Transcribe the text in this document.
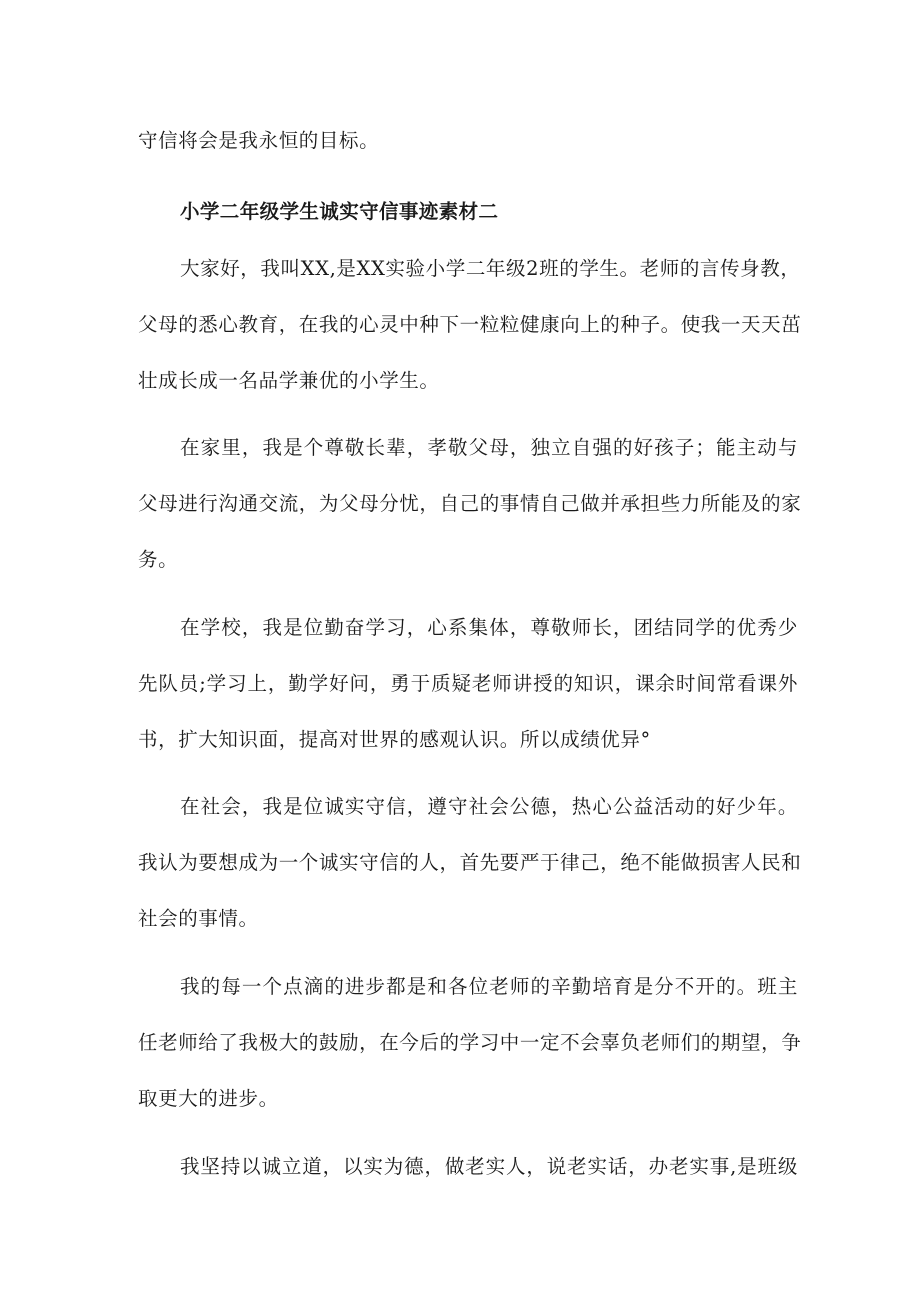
守信将会是我永恒的目标。
小学二年级学生诚实守信事迹素材二
大家好，我叫XX,是XX实验小学二年级2班的学生。老师的言传身教，
父母的悉心教育，在我的心灵中种下一粒粒健康向上的种子。使我一天天茁
壮成长成一名品学兼优的小学生。
在家里，我是个尊敬长辈，孝敬父母，独立自强的好孩子；能主动与
父母进行沟通交流，为父母分忧，自己的事情自己做并承担些力所能及的家
务。
在学校，我是位勤奋学习，心系集体，尊敬师长，团结同学的优秀少
先队员;学习上，勤学好问，勇于质疑老师讲授的知识，课余时间常看课外
书，扩大知识面，提高对世界的感观认识。所以成绩优异°
在社会，我是位诚实守信，遵守社会公德，热心公益活动的好少年。
我认为要想成为一个诚实守信的人，首先要严于律己，绝不能做损害人民和
社会的事情。
我的每一个点滴的进步都是和各位老师的辛勤培育是分不开的。班主
任老师给了我极大的鼓励，在今后的学习中一定不会辜负老师们的期望，争
取更大的进步。
我坚持以诚立道，以实为德，做老实人，说老实话，办老实事,是班级
